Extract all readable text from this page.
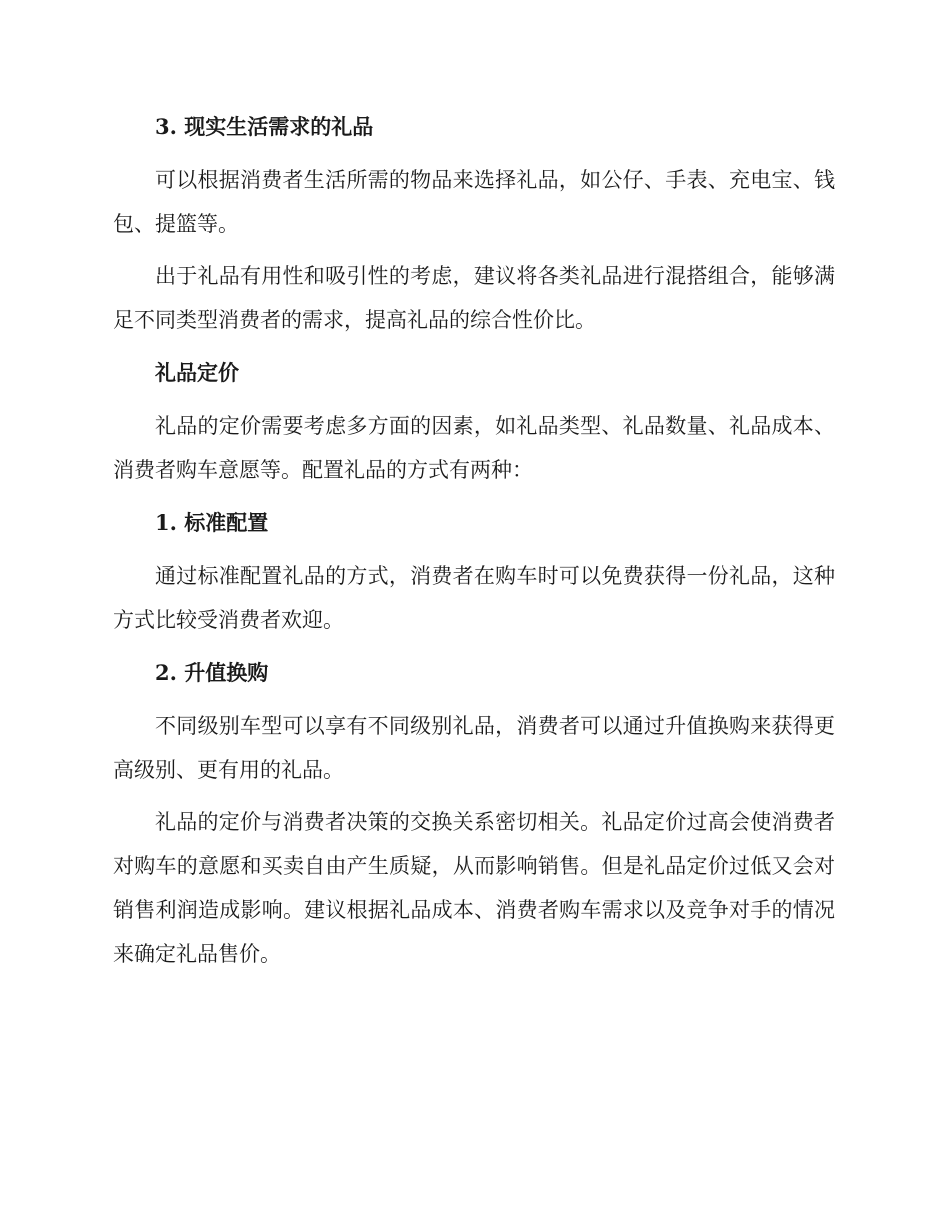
3. 现实生活需求的礼品

可以根据消费者生活所需的物品来选择礼品，如公仔、手表、充电宝、钱包、提篮等。

出于礼品有用性和吸引性的考虑，建议将各类礼品进行混搭组合，能够满足不同类型消费者的需求，提高礼品的综合性价比。

礼品定价

礼品的定价需要考虑多方面的因素，如礼品类型、礼品数量、礼品成本、消费者购车意愿等。配置礼品的方式有两种：

1. 标准配置

通过标准配置礼品的方式，消费者在购车时可以免费获得一份礼品，这种方式比较受消费者欢迎。

2. 升值换购

不同级别车型可以享有不同级别礼品，消费者可以通过升值换购来获得更高级别、更有用的礼品。

礼品的定价与消费者决策的交换关系密切相关。礼品定价过高会使消费者对购车的意愿和买卖自由产生质疑，从而影响销售。但是礼品定价过低又会对销售利润造成影响。建议根据礼品成本、消费者购车需求以及竞争对手的情况来确定礼品售价。
